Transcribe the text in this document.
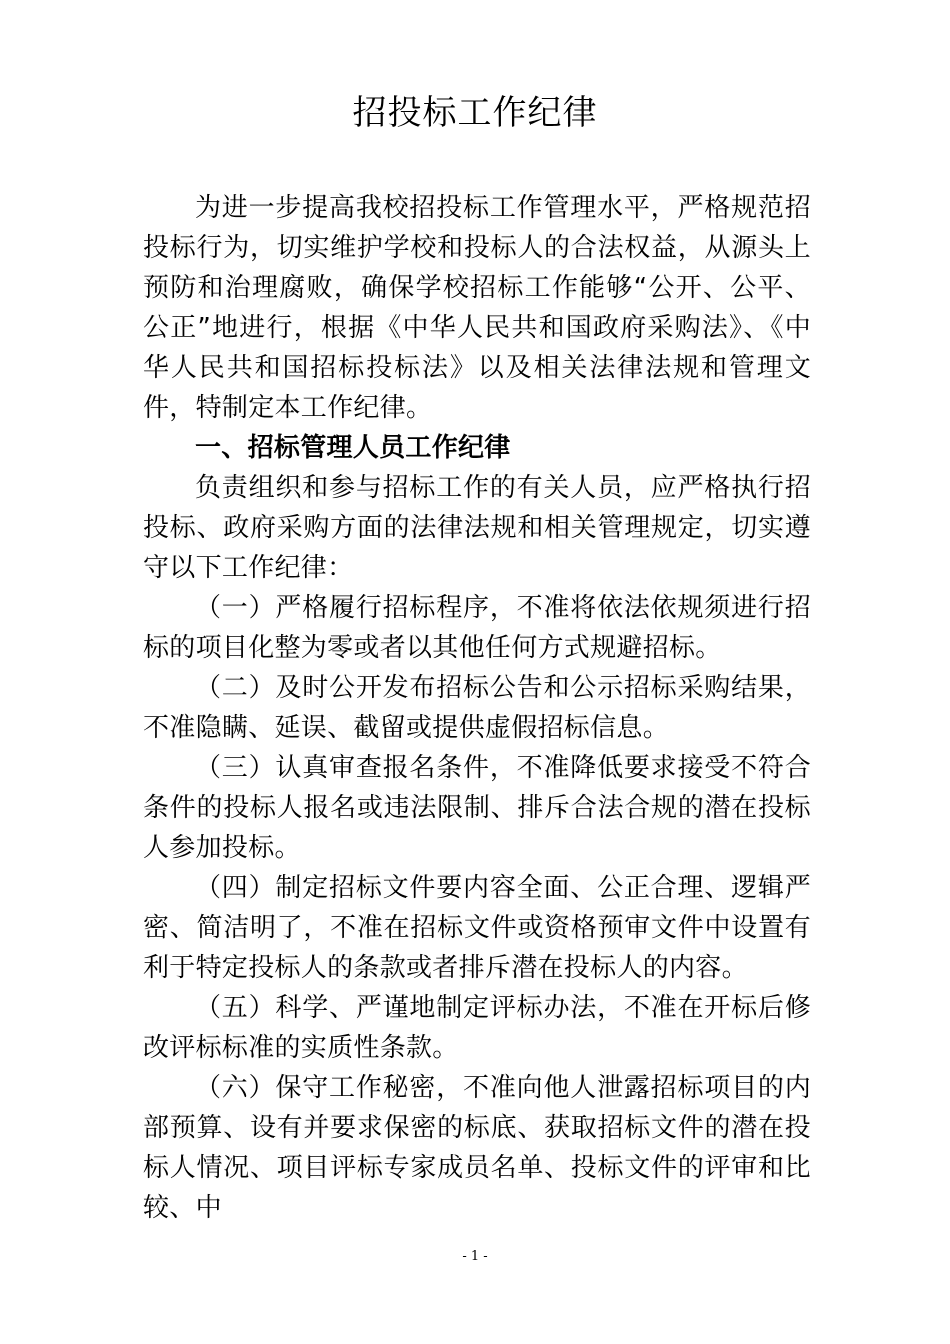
招投标工作纪律

为进一步提高我校招投标工作管理水平，严格规范招投标行为，切实维护学校和投标人的合法权益，从源头上预防和治理腐败，确保学校招标工作能够“公开、公平、公正”地进行，根据《中华人民共和国政府采购法》、《中华人民共和国招标投标法》以及相关法律法规和管理文件，特制定本工作纪律。

一、招标管理人员工作纪律

负责组织和参与招标工作的有关人员，应严格执行招投标、政府采购方面的法律法规和相关管理规定，切实遵守以下工作纪律：

（一）严格履行招标程序，不准将依法依规须进行招标的项目化整为零或者以其他任何方式规避招标。

（二）及时公开发布招标公告和公示招标采购结果，不准隐瞒、延误、截留或提供虚假招标信息。

（三）认真审查报名条件，不准降低要求接受不符合条件的投标人报名或违法限制、排斥合法合规的潜在投标人参加投标。

（四）制定招标文件要内容全面、公正合理、逻辑严密、简洁明了，不准在招标文件或资格预审文件中设置有利于特定投标人的条款或者排斥潜在投标人的内容。

（五）科学、严谨地制定评标办法，不准在开标后修改评标标准的实质性条款。

（六）保守工作秘密，不准向他人泄露招标项目的内部预算、设有并要求保密的标底、获取招标文件的潜在投标人情况、项目评标专家成员名单、投标文件的评审和比较、中

- 1 -
